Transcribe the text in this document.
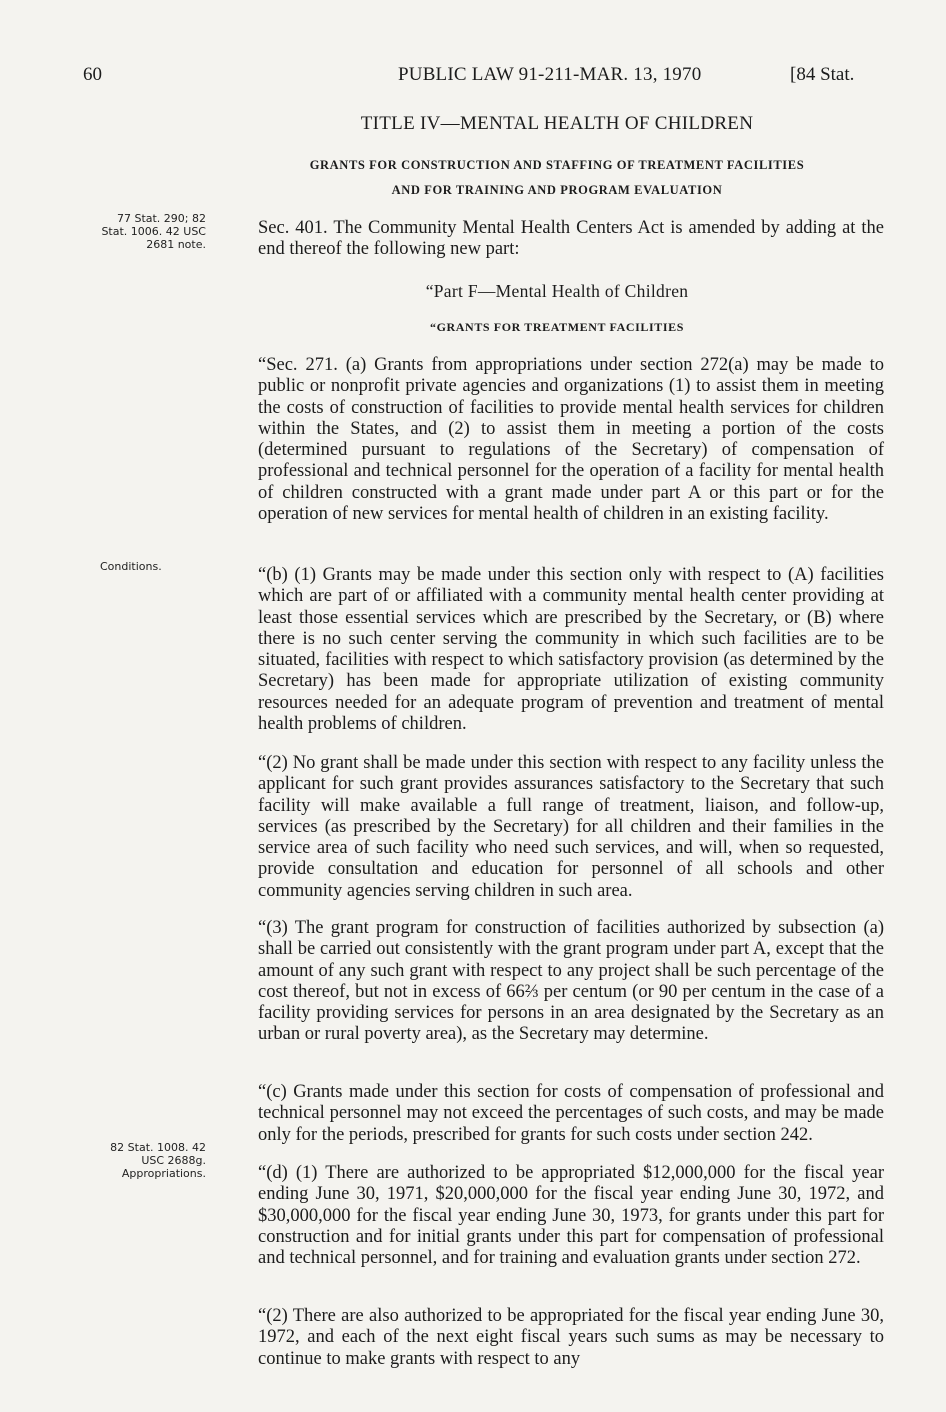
60	PUBLIC LAW 91-211-MAR. 13, 1970	[84 Stat.
TITLE IV—MENTAL HEALTH OF CHILDREN
GRANTS FOR CONSTRUCTION AND STAFFING OF TREATMENT FACILITIES
AND FOR TRAINING AND PROGRAM EVALUATION
77 Stat. 290; 82 Stat. 1006. 42 USC 2681 note.
Conditions.
82 Stat. 1008. 42 USC 2688g. Appropriations.
Sec. 401. The Community Mental Health Centers Act is amended by adding at the end thereof the following new part:
“Part F—Mental Health of Children
“GRANTS FOR TREATMENT FACILITIES
“Sec. 271. (a) Grants from appropriations under section 272(a) may be made to public or nonprofit private agencies and organizations (1) to assist them in meeting the costs of construction of facilities to provide mental health services for children within the States, and (2) to assist them in meeting a portion of the costs (determined pursuant to regulations of the Secretary) of compensation of professional and technical personnel for the operation of a facility for mental health of children constructed with a grant made under part A or this part or for the operation of new services for mental health of children in an existing facility.
“(b) (1) Grants may be made under this section only with respect to (A) facilities which are part of or affiliated with a community mental health center providing at least those essential services which are prescribed by the Secretary, or (B) where there is no such center serving the community in which such facilities are to be situated, facilities with respect to which satisfactory provision (as determined by the Secretary) has been made for appropriate utilization of existing community resources needed for an adequate program of prevention and treatment of mental health problems of children.
“(2) No grant shall be made under this section with respect to any facility unless the applicant for such grant provides assurances satisfactory to the Secretary that such facility will make available a full range of treatment, liaison, and follow-up, services (as prescribed by the Secretary) for all children and their families in the service area of such facility who need such services, and will, when so requested, provide consultation and education for personnel of all schools and other community agencies serving children in such area.
“(3) The grant program for construction of facilities authorized by subsection (a) shall be carried out consistently with the grant program under part A, except that the amount of any such grant with respect to any project shall be such percentage of the cost thereof, but not in excess of 66⅔ per centum (or 90 per centum in the case of a facility providing services for persons in an area designated by the Secretary as an urban or rural poverty area), as the Secretary may determine.
“(c) Grants made under this section for costs of compensation of professional and technical personnel may not exceed the percentages of such costs, and may be made only for the periods, prescribed for grants for such costs under section 242.
“(d) (1) There are authorized to be appropriated $12,000,000 for the fiscal year ending June 30, 1971, $20,000,000 for the fiscal year ending June 30, 1972, and $30,000,000 for the fiscal year ending June 30, 1973, for grants under this part for construction and for initial grants under this part for compensation of professional and technical personnel, and for training and evaluation grants under section 272.
“(2) There are also authorized to be appropriated for the fiscal year ending June 30, 1972, and each of the next eight fiscal years such sums as may be necessary to continue to make grants with respect to any
